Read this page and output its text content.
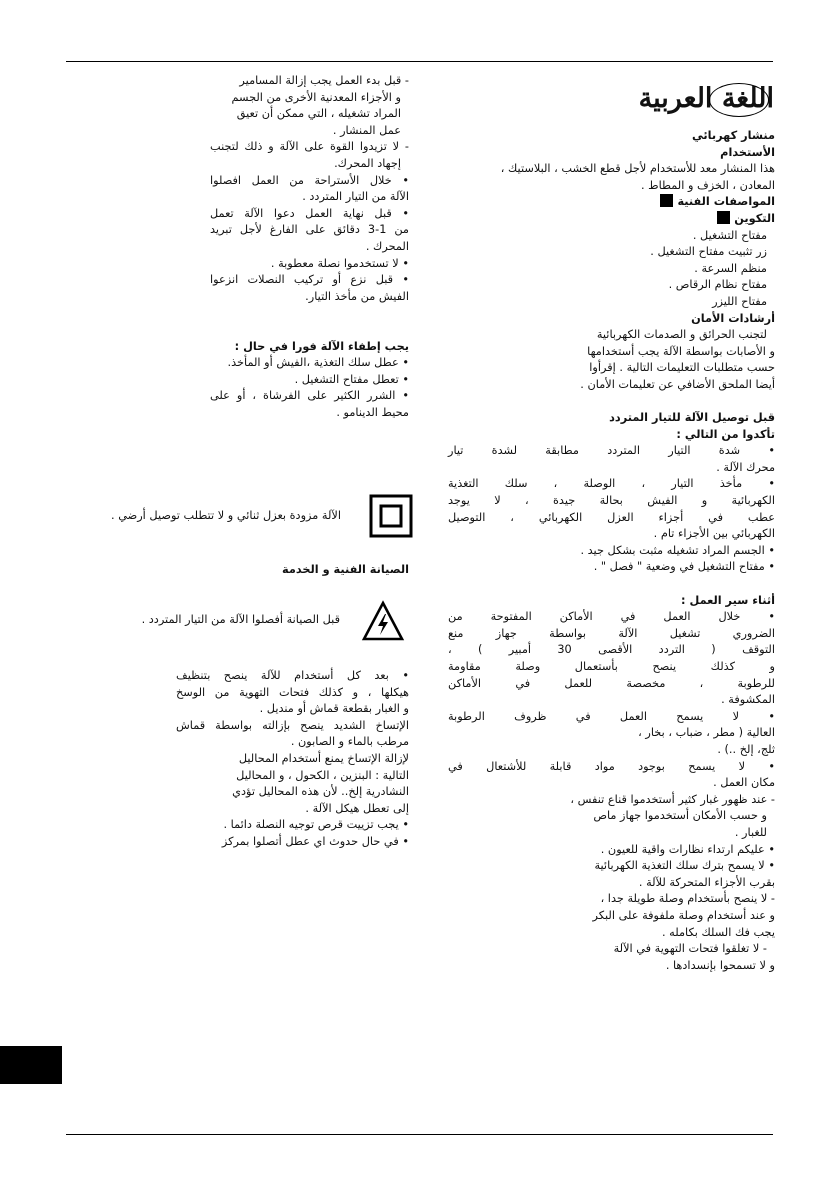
اللغة العربية
منشار كهربائي
الأستخدام
هذا المنشار معد للأستخدام لأجل قطع الخشب ، البلاستيك ،
المعادن ، الخزف و المطاط .
المواصفات الفنية
التكوين
مفتاح التشغيل .
زر تثبيت مفتاح التشغيل .
منظم السرعة .
مفتاح نظام الرقاص .
مفتاح الليزر
أرشادات الأمان
لتجنب الحرائق و الصدمات الكهربائية
و الأصابات بواسطة الآلة يجب أستخدامها
حسب متطلبات التعليمات التالية . إقرأوا
أيضا الملحق الأضافي عن تعليمات الأمان .
قبل توصيل الآلة للتيار المتردد
تأكدوا من التالي :
• شدة التيار المتردد مطابقة لشدة تيار
محرك الآلة .
• مأخذ التيار ، الوصلة ، سلك التغذية
الكهربائية و الفيش بحالة جيدة ، لا يوجد
عطب في أجزاء العزل الكهربائي ، التوصيل
الكهربائي بين الأجزاء تام .
• الجسم المراد تشغيله مثبت بشكل جيد .
• مفتاح التشغيل في وضعية " فصل " .
أثناء سير العمل :
• خلال العمل في الأماكن المفتوحة من
الضروري تشغيل الآلة بواسطة جهاز منع
التوقف ( التردد الأقصى 30 أمبير ) ،
و كذلك ينصح بأستعمال وصلة مقاومة
للرطوبة ، مخصصة للعمل في الأماكن
المكشوفة .
• لا يسمح العمل في ظروف الرطوبة
العالية ( مطر ، ضباب ، بخار ،
ثلج، إلخ ..) .
• لا يسمح بوجود مواد قابلة للأشتعال في
مكان العمل .
- عند ظهور غبار كثير أستخدموا قناع تنفس ،
و حسب الأمكان أستخدموا جهاز ماص
للغبار .
• عليكم ارتداء نظارات واقية للعيون .
• لا يسمح بترك سلك التغذية الكهربائية
بقرب الأجزاء المتحركة للآلة .
- لا ينصح بأستخدام وصلة طويلة جدا ،
و عند أستخدام وصلة ملفوفة على البكر
يجب فك السلك بكامله .
- لا تغلقوا فتحات التهوية في الآلة
و لا تسمحوا بإنسدادها .
- قبل بدء العمل يجب إزالة المسامير
و الأجزاء المعدنية الأخرى من الجسم
المراد تشغيله ، التي ممكن أن تعيق
عمل المنشار .
- لا تزيدوا القوة على الآلة و ذلك لتجنب
إجهاد المحرك.
• خلال الأستراحة من العمل افصلوا
الآلة من التيار المتردد .
• قبل نهاية العمل دعوا الآلة تعمل
من 1-3 دقائق على الفارغ لأجل تبريد
المحرك .
• لا تستخدموا نصلة معطوبة .
• قبل نزع أو تركيب النصلات انزعوا
الفيش من مأخذ التيار.
يجب إطفاء الآلة فورا في حال :
• عطل سلك التغذية ،الفيش أو المأخذ.
• تعطل مفتاح التشغيل .
• الشرر الكثير على الفرشاة ، أو على
محيط الدينامو .
الآلة مزودة بعزل ثنائي و لا تتطلب توصيل أرضي .
الصيانة الفنية و الخدمة
قبل الصيانة أفصلوا الآلة من التيار المتردد .
• بعد كل أستخدام للآلة ينصح بتنظيف
هيكلها ، و كذلك فتحات التهوية من الوسخ
و الغبار بقطعة قماش أو منديل .
الإتساخ الشديد ينصح بإزالته بواسطة قماش
مرطب بالماء و الصابون .
لإزالة الإتساخ يمنع أستخدام المحاليل
التالية : البنزين ، الكحول ، و المحاليل
النشادرية إلخ.. لأن هذه المحاليل تؤدي
إلى تعطل هيكل الآلة .
• يجب تزييت قرص توجيه النصلة دائما .
• في حال حدوث اي عطل أتصلوا بمركز
